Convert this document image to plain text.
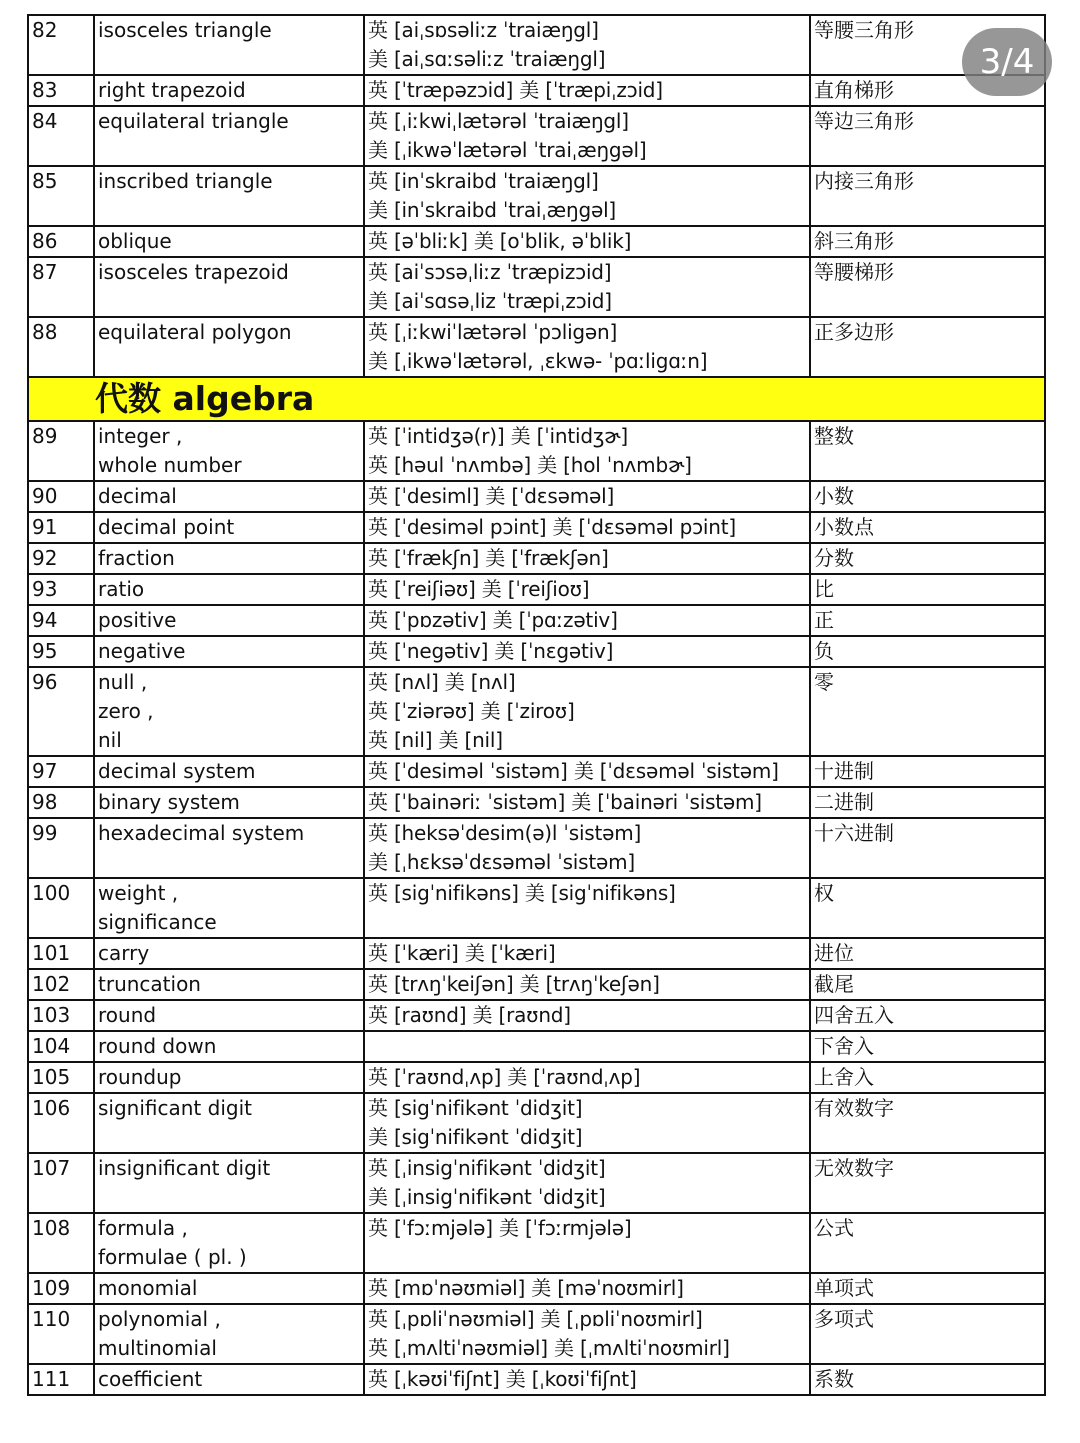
82	isosceles triangle	英 [aiˌsɒsəliːz ˈtraiæŋgl]
美 [aiˌsɑːsəliːz ˈtraiæŋgl]	等腰三角形
83	right trapezoid	英 [ˈtræpəzɔid] 美 [ˈtræpiˌzɔid]	直角梯形
84	equilateral triangle	英 [ˌiːkwiˌlætərəl ˈtraiæŋgl]
美 [ˌikwəˈlætərəl ˈtraiˌæŋgəl]	等边三角形
85	inscribed triangle	英 [inˈskraibd ˈtraiæŋgl]
美 [inˈskraibd ˈtraiˌæŋgəl]	内接三角形
86	oblique	英 [əˈbliːk] 美 [oˈblik, əˈblik]	斜三角形
87	isosceles trapezoid	英 [aiˈsɔsəˌliːz ˈtræpizɔid]
美 [aiˈsɑsəˌliz ˈtræpiˌzɔid]	等腰梯形
88	equilateral polygon	英 [ˌiːkwiˈlætərəl ˈpɔligən]
美 [ˌikwəˈlætərəl, ˌɛkwə- ˈpɑːligɑːn]	正多边形
代数 algebra			
89	integer ,
whole number	英 [ˈintidʒə(r)] 美 [ˈintidʒɚ]
英 [həul ˈnʌmbə] 美 [hol ˈnʌmbɚ]	整数
90	decimal	英 [ˈdesiml] 美 [ˈdɛsəməl]	小数
91	decimal point	英 [ˈdesiməl pɔint] 美 [ˈdɛsəməl pɔint]	小数点
92	fraction	英 [ˈfrækʃn] 美 [ˈfrækʃən]	分数
93	ratio	英 [ˈreiʃiəʊ] 美 [ˈreiʃioʊ]	比
94	positive	英 [ˈpɒzətiv] 美 [ˈpɑːzətiv]	正
95	negative	英 [ˈnegətiv] 美 [ˈnɛgətiv]	负
96	null ,
zero ,
nil	英 [nʌl] 美 [nʌl]
英 [ˈziərəʊ] 美 [ˈziroʊ]
英 [nil] 美 [nil]	零
97	decimal system	英 [ˈdesiməl ˈsistəm] 美 [ˈdɛsəməl ˈsistəm]	十进制
98	binary system	英 [ˈbainəriː ˈsistəm] 美 [ˈbainəri ˈsistəm]	二进制
99	hexadecimal system	英 [heksəˈdesim(ə)l ˈsistəm]
美 [ˌhɛksəˈdɛsəməl ˈsistəm]	十六进制
100	weight ,
significance	英 [sigˈnifikəns] 美 [sigˈnifikəns]	权
101	carry	英 [ˈkæri] 美 [ˈkæri]	进位
102	truncation	英 [trʌŋˈkeiʃən] 美 [trʌŋˈkeʃən]	截尾
103	round	英 [raʊnd] 美 [raʊnd]	四舍五入
104	round down		下舍入
105	roundup	英 [ˈraʊndˌʌp] 美 [ˈraʊndˌʌp]	上舍入
106	significant digit	英 [sigˈnifikənt ˈdidʒit]
美 [sigˈnifikənt ˈdidʒit]	有效数字
107	insignificant digit	英 [ˌinsigˈnifikənt ˈdidʒit]
美 [ˌinsigˈnifikənt ˈdidʒit]	无效数字
108	formula ,
formulae ( pl. )	英 [ˈfɔːmjələ] 美 [ˈfɔːrmjələ]	公式
109	monomial	英 [mɒˈnəʊmiəl] 美 [məˈnoʊmirl]	单项式
110	polynomial ,
multinomial	英 [ˌpɒliˈnəʊmiəl] 美 [ˌpɒliˈnoʊmirl]
英 [ˌmʌltiˈnəʊmiəl] 美 [ˌmʌltiˈnoʊmirl]	多项式
111	coefficient	英 [ˌkəʊiˈfiʃnt] 美 [ˌkoʊiˈfiʃnt]	系数
3/4
